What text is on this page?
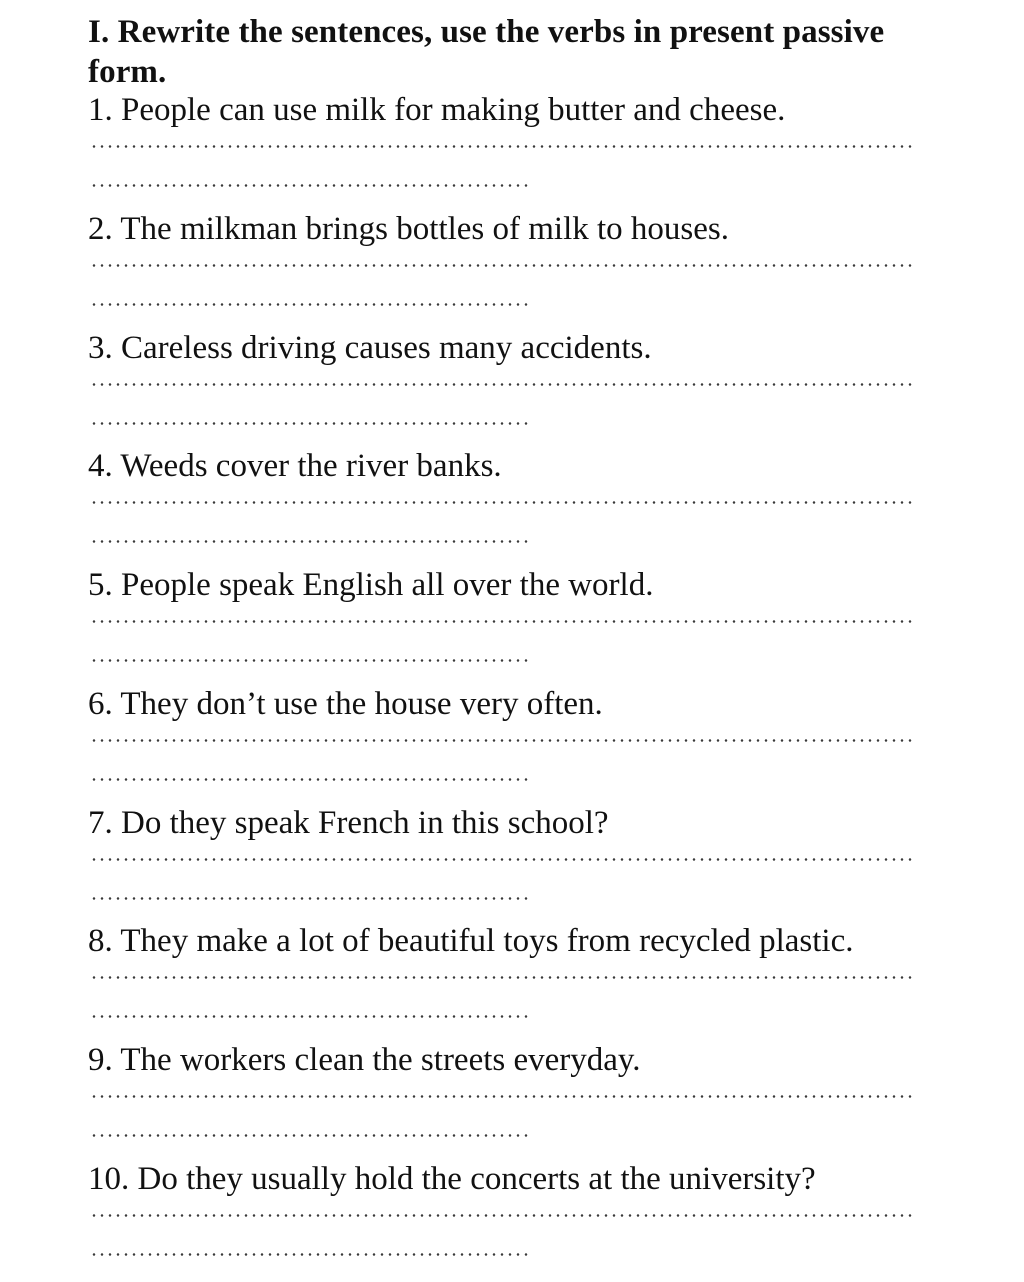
I. Rewrite the sentences, use the verbs in present passive form.
1. People can use milk for making butter and cheese.
2. The milkman brings bottles of milk to houses.
3. Careless driving causes many accidents.
4. Weeds cover the river banks.
5. People speak English all over the world.
6. They don’t use the house very often.
7. Do they speak French in this school?
8. They make a lot of beautiful toys from recycled plastic.
9. The workers clean the streets everyday.
10. Do they usually hold the concerts at the university?
